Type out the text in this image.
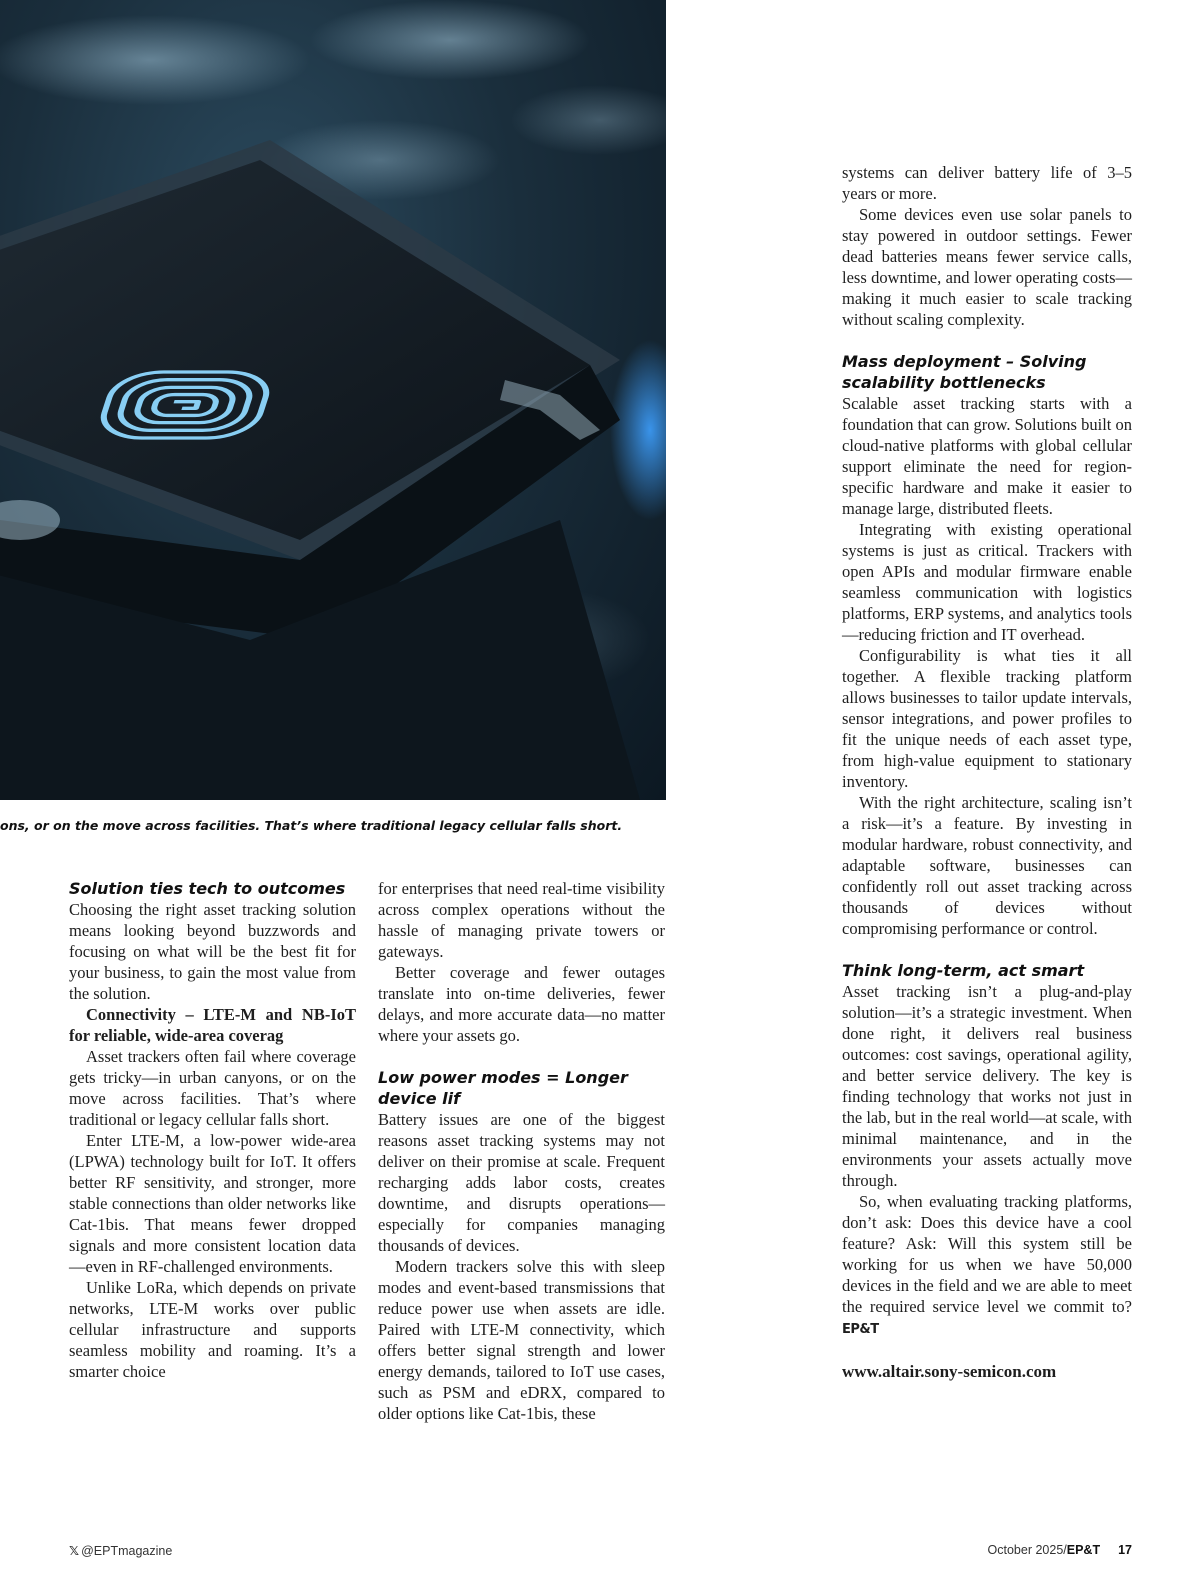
ons, or on the move across facilities. That’s where traditional legacy cellular falls short.
Solution ties tech to outcomes

Choosing the right asset tracking solution means looking beyond buzzwords and focusing on what will be the best fit for your business, to gain the most value from the solution.

Connectivity – LTE-M and NB-IoT for reliable, wide-area coverag

Asset trackers often fail where coverage gets tricky—in urban canyons, or on the move across facilities. That’s where traditional or legacy cellular falls short.

Enter LTE-M, a low-power wide-area (LPWA) technology built for IoT. It offers better RF sensitivity, and stronger, more stable connections than older networks like Cat-1bis. That means fewer dropped signals and more consistent location data—even in RF-challenged environments.

Unlike LoRa, which depends on private networks, LTE-M works over public cellular infrastructure and supports seamless mobility and roaming. It’s a smarter choice

for enterprises that need real-time visibility across complex operations without the hassle of managing private towers or gateways.

Better coverage and fewer outages translate into on-time deliveries, fewer delays, and more accurate data—no matter where your assets go.

Low power modes = Longer device lif

Battery issues are one of the biggest reasons asset tracking systems may not deliver on their promise at scale. Frequent recharging adds labor costs, creates downtime, and disrupts operations—especially for companies managing thousands of devices.

Modern trackers solve this with sleep modes and event-based transmissions that reduce power use when assets are idle. Paired with LTE-M connectivity, which offers better signal strength and lower energy demands, tailored to IoT use cases, such as PSM and eDRX, compared to older options like Cat-1bis, these

systems can deliver battery life of 3–5 years or more.

Some devices even use solar panels to stay powered in outdoor settings. Fewer dead batteries means fewer service calls, less downtime, and lower operating costs—making it much easier to scale tracking without scaling complexity.

Mass deployment – Solving scalability bottlenecks

Scalable asset tracking starts with a foundation that can grow. Solutions built on cloud-native platforms with global cellular support eliminate the need for region-specific hardware and make it easier to manage large, distributed fleets.

Integrating with existing operational systems is just as critical. Trackers with open APIs and modular firmware enable seamless communication with logistics platforms, ERP systems, and analytics tools—reducing friction and IT overhead.

Configurability is what ties it all together. A flexible tracking platform allows businesses to tailor update intervals, sensor integrations, and power profiles to fit the unique needs of each asset type, from high-value equipment to stationary inventory.

With the right architecture, scaling isn’t a risk—it’s a feature. By investing in modular hardware, robust connectivity, and adaptable software, businesses can confidently roll out asset tracking across thousands of devices without compromising performance or control.

Think long-term, act smart

Asset tracking isn’t a plug-and-play solution—it’s a strategic investment. When done right, it delivers real business outcomes: cost savings, operational agility, and better service delivery. The key is finding technology that works not just in the lab, but in the real world—at scale, with minimal maintenance, and in the environments your assets actually move through.

So, when evaluating tracking platforms, don’t ask: Does this device have a cool feature? Ask: Will this system still be working for us when we have 50,000 devices in the field and we are able to meet the required service level we commit to? EP&T

www.altair.sony-semicon.com

𝕏 @EPTmagazine	October 2025/EP&T 17
